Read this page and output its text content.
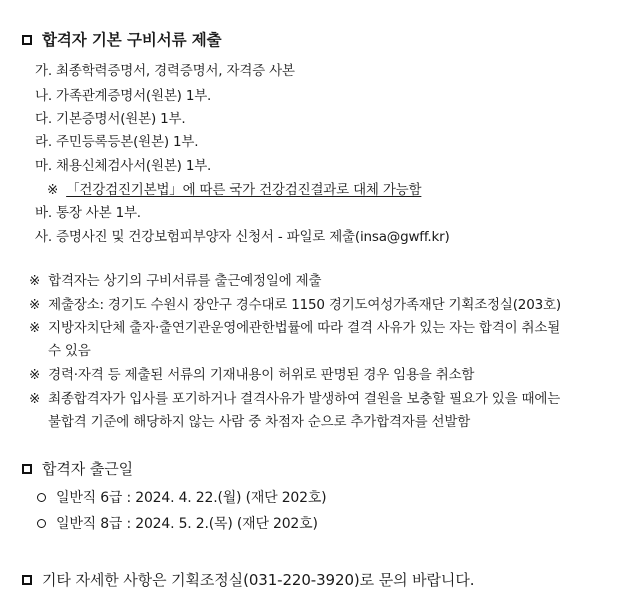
합격자 기본 구비서류 제출
가. 최종학력증명서, 경력증명서, 자격증 사본
나. 가족관계증명서(원본) 1부.
다. 기본증명서(원본) 1부.
라. 주민등록등본(원본) 1부.
마. 채용신체검사서(원본) 1부.
※ 「건강검진기본법」에 따른 국가 건강검진결과로 대체 가능함
바. 통장 사본 1부.
사. 증명사진 및 건강보험피부양자 신청서 - 파일로 제출(insa@gwff.kr)
※ 합격자는 상기의 구비서류를 출근예정일에 제출
※ 제출장소: 경기도 수원시 장안구 경수대로 1150 경기도여성가족재단 기획조정실(203호)
※ 지방자치단체 출자·출연기관운영에관한법률에 따라 결격 사유가 있는 자는 합격이 취소될
수 있음
※ 경력·자격 등 제출된 서류의 기재내용이 허위로 판명된 경우 임용을 취소함
※ 최종합격자가 입사를 포기하거나 결격사유가 발생하여 결원을 보충할 필요가 있을 때에는
불합격 기준에 해당하지 않는 사람 중 차점자 순으로 추가합격자를 선발함
합격자 출근일
일반직 6급 : 2024. 4. 22.(월) (재단 202호)
일반직 8급 : 2024. 5. 2.(목) (재단 202호)
기타 자세한 사항은 기획조정실(031-220-3920)로 문의 바랍니다.
